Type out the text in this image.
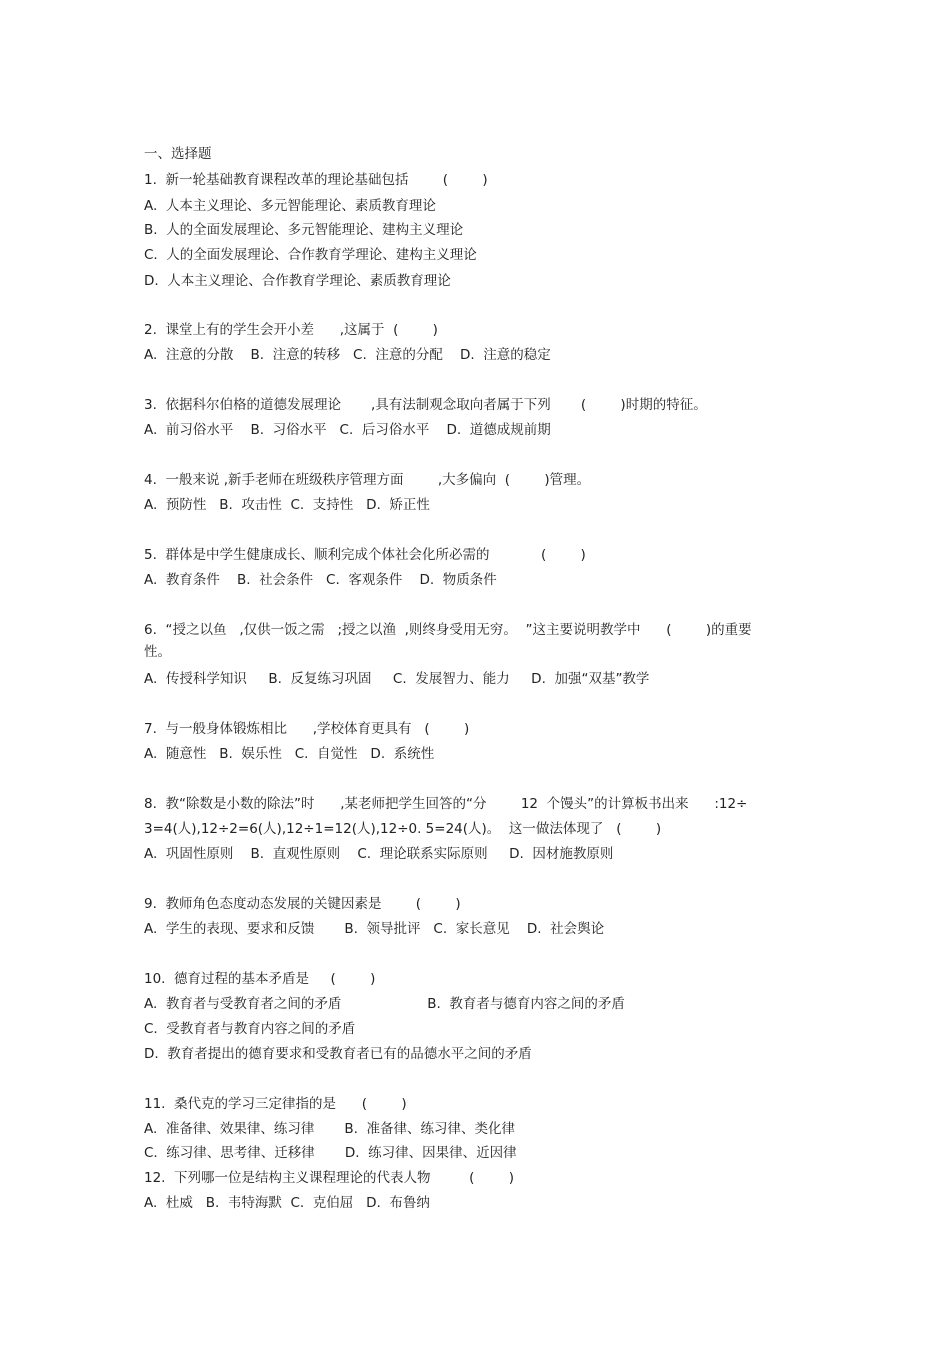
一、选择题
1.  新一轮基础教育课程改革的理论基础包括        (        )
A.  人本主义理论、多元智能理论、素质教育理论
B.  人的全面发展理论、多元智能理论、建构主义理论
C.  人的全面发展理论、合作教育学理论、建构主义理论
D.  人本主义理论、合作教育学理论、素质教育理论
2.  课堂上有的学生会开小差      ,这属于  (        )
A.  注意的分散    B.  注意的转移   C.  注意的分配    D.  注意的稳定
3.  依据科尔伯格的道德发展理论       ,具有法制观念取向者属于下列       (        )时期的特征。
A.  前习俗水平    B.  习俗水平   C.  后习俗水平    D.  道德成规前期
4.  一般来说 ,新手老师在班级秩序管理方面        ,大多偏向  (        )管理。
A.  预防性   B.  攻击性  C.  支持性   D.  矫正性
5.  群体是中学生健康成长、顺利完成个体社会化所必需的            (        )
A.  教育条件    B.  社会条件   C.  客观条件    D.  物质条件
6.  “授之以鱼   ,仅供一饭之需   ;授之以渔  ,则终身受用无穷。  ”这主要说明教学中      (        )的重要
性。
A.  传授科学知识     B.  反复练习巩固     C.  发展智力、能力     D.  加强“双基”教学
7.  与一般身体锻炼相比      ,学校体育更具有   (        )
A.  随意性   B.  娱乐性   C.  自觉性   D.  系统性
8.  教“除数是小数的除法”时      ,某老师把学生回答的“分        12  个馒头”的计算板书出来      :12÷
3=4(人),12÷2=6(人),12÷1=12(人),12÷0. 5=24(人)。  这一做法体现了   (        )
A.  巩固性原则    B.  直观性原则    C.  理论联系实际原则     D.  因材施教原则
9.  教师角色态度动态发展的关键因素是        (        )
A.  学生的表现、要求和反馈       B.  领导批评   C.  家长意见    D.  社会舆论
10.  德育过程的基本矛盾是     (        )
A.  教育者与受教育者之间的矛盾                    B.  教育者与德育内容之间的矛盾
C.  受教育者与教育内容之间的矛盾
D.  教育者提出的德育要求和受教育者已有的品德水平之间的矛盾
11.  桑代克的学习三定律指的是      (        )
A.  准备律、效果律、练习律       B.  准备律、练习律、类化律
C.  练习律、思考律、迁移律       D.  练习律、因果律、近因律
12.  下列哪一位是结构主义课程理论的代表人物         (        )
A.  杜威   B.  韦特海默  C.  克伯屈   D.  布鲁纳
